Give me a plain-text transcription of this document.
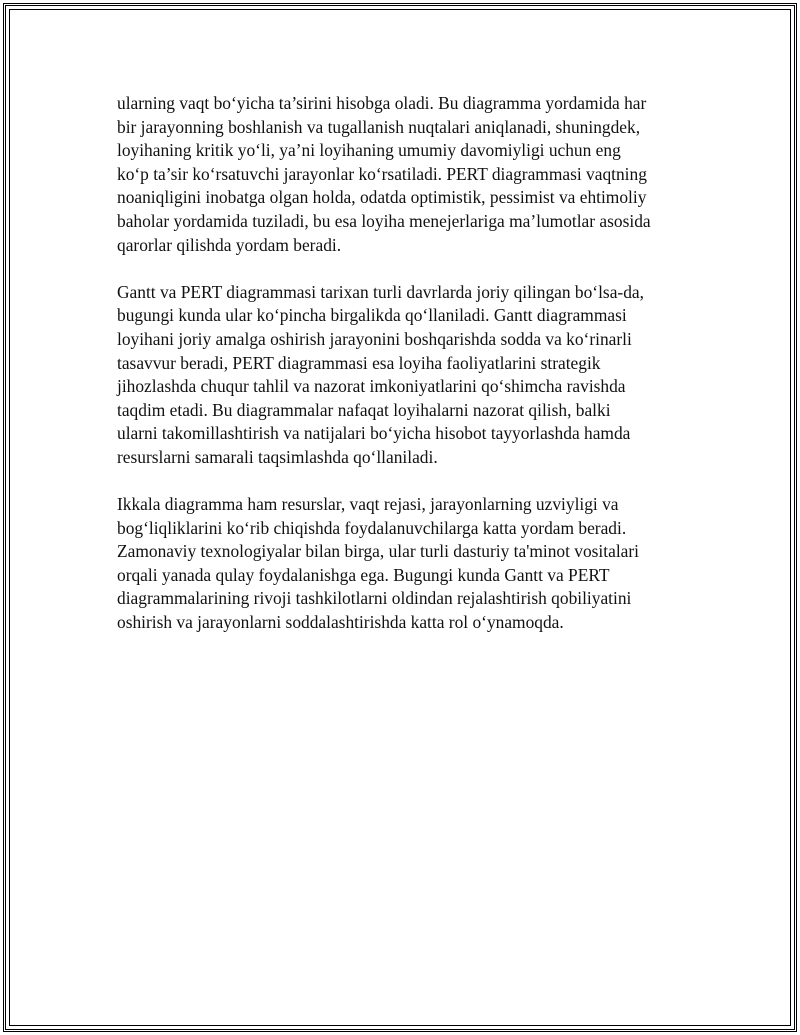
ularning vaqt bo‘yicha ta’sirini hisobga oladi. Bu diagramma yordamida har
bir jarayonning boshlanish va tugallanish nuqtalari aniqlanadi, shuningdek,
loyihaning kritik yo‘li, ya’ni loyihaning umumiy davomiyligi uchun eng
ko‘p ta’sir ko‘rsatuvchi jarayonlar ko‘rsatiladi. PERT diagrammasi vaqtning
noaniqligini inobatga olgan holda, odatda optimistik, pessimist va ehtimoliy
baholar yordamida tuziladi, bu esa loyiha menejerlariga ma’lumotlar asosida
qarorlar qilishda yordam beradi.

Gantt va PERT diagrammasi tarixan turli davrlarda joriy qilingan bo‘lsa-da,
bugungi kunda ular ko‘pincha birgalikda qo‘llaniladi. Gantt diagrammasi
loyihani joriy amalga oshirish jarayonini boshqarishda sodda va ko‘rinarli
tasavvur beradi, PERT diagrammasi esa loyiha faoliyatlarini strategik
jihozlashda chuqur tahlil va nazorat imkoniyatlarini qo‘shimcha ravishda
taqdim etadi. Bu diagrammalar nafaqat loyihalarni nazorat qilish, balki
ularni takomillashtirish va natijalari bo‘yicha hisobot tayyorlashda hamda
resurslarni samarali taqsimlashda qo‘llaniladi.

Ikkala diagramma ham resurslar, vaqt rejasi, jarayonlarning uzviyligi va
bog‘liqliklarini ko‘rib chiqishda foydalanuvchilarga katta yordam beradi.
Zamonaviy texnologiyalar bilan birga, ular turli dasturiy ta'minot vositalari
orqali yanada qulay foydalanishga ega. Bugungi kunda Gantt va PERT
diagrammalarining rivoji tashkilotlarni oldindan rejalashtirish qobiliyatini
oshirish va jarayonlarni soddalashtirishda katta rol o‘ynamoqda.
